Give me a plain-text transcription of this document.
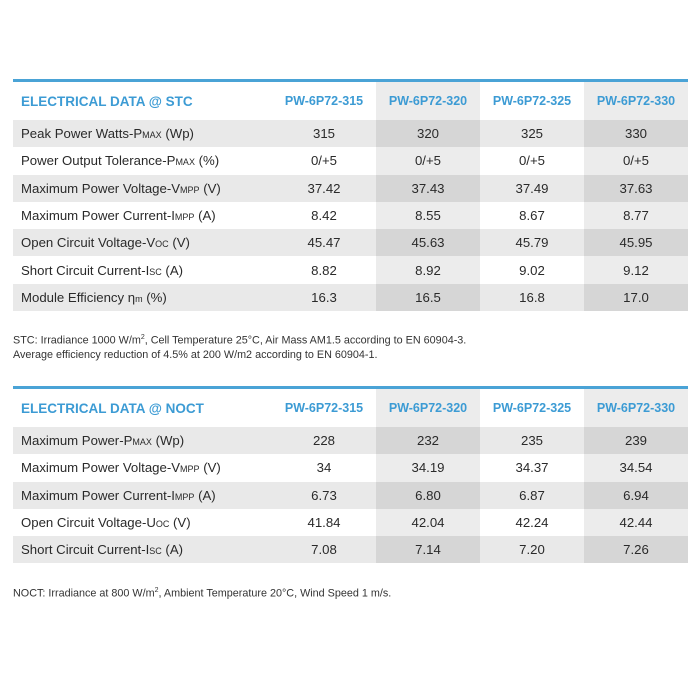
ELECTRICAL DATA @ STC	PW-6P72-315	PW-6P72-320	PW-6P72-325	PW-6P72-330
Peak Power Watts-PMAX (Wp)	315	320	325	330
Power Output Tolerance-PMAX (%)	0/+5	0/+5	0/+5	0/+5
Maximum Power Voltage-VMPP (V)	37.42	37.43	37.49	37.63
Maximum Power Current-IMPP (A)	8.42	8.55	8.67	8.77
Open Circuit Voltage-VOC (V)	45.47	45.63	45.79	45.95
Short Circuit Current-ISC (A)	8.82	8.92	9.02	9.12
Module Efficiency ηm (%)	16.3	16.5	16.8	17.0
STC: Irradiance 1000 $W/m^2$, Cell Temperature 25°C, Air Mass AM1.5 according to EN 60904-3.
Average efficiency reduction of 4.5% at 200 W/m2 according to EN 60904-1.
ELECTRICAL DATA @ NOCT	PW-6P72-315	PW-6P72-320	PW-6P72-325	PW-6P72-330
Maximum Power-PMAX (Wp)	228	232	235	239
Maximum Power Voltage-VMPP (V)	34	34.19	34.37	34.54
Maximum Power Current-IMPP (A)	6.73	6.80	6.87	6.94
Open Circuit Voltage-UOC (V)	41.84	42.04	42.24	42.44
Short Circuit Current-ISC (A)	7.08	7.14	7.20	7.26
NOCT: Irradiance at 800 $W/m^2$, Ambient Temperature 20°C, Wind Speed 1 m/s.
